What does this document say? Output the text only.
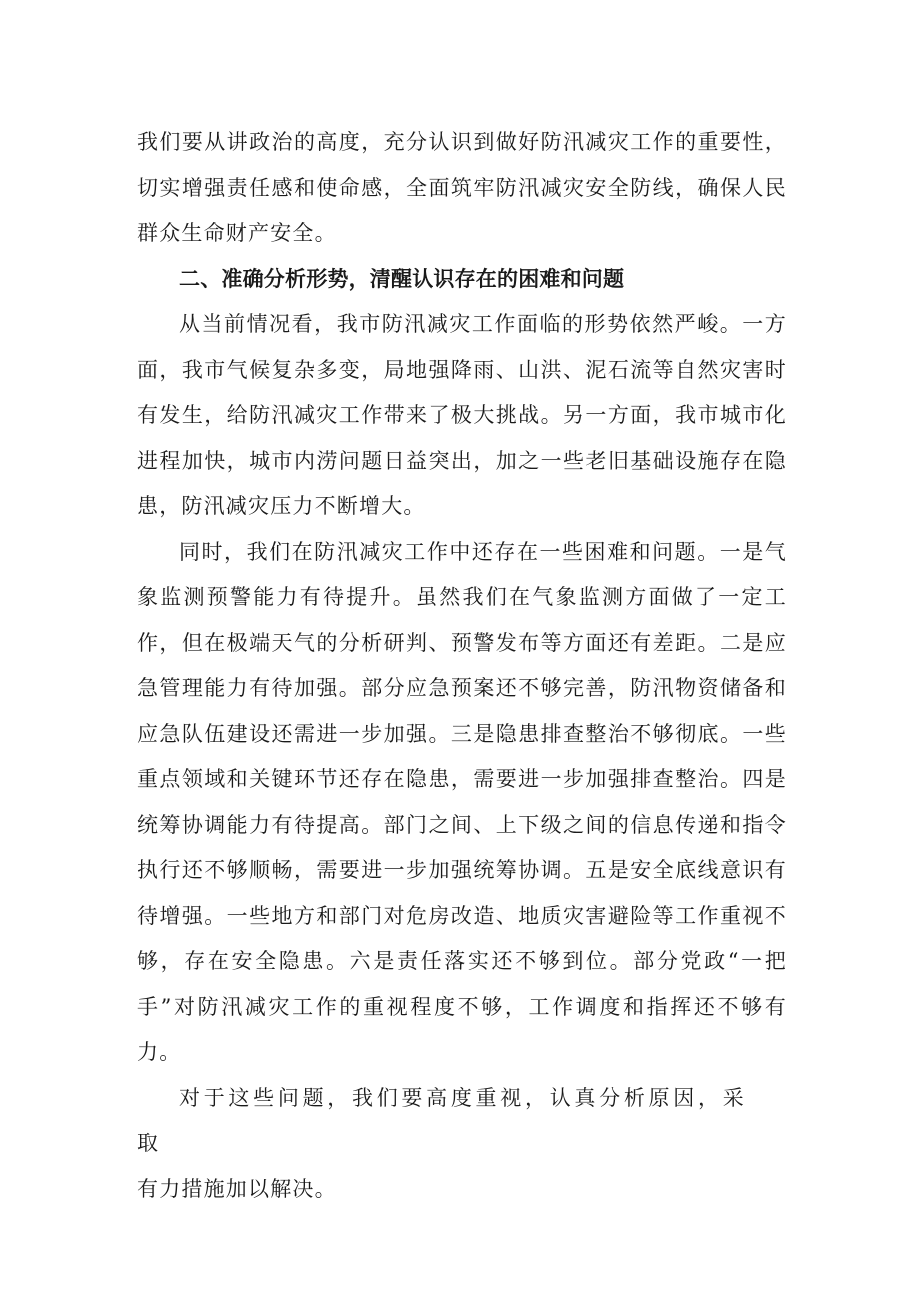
我们要从讲政治的高度，充分认识到做好防汛减灾工作的重要性，切实增强责任感和使命感，全面筑牢防汛减灾安全防线，确保人民群众生命财产安全。

二、准确分析形势，清醒认识存在的困难和问题

从当前情况看，我市防汛减灾工作面临的形势依然严峻。一方面，我市气候复杂多变，局地强降雨、山洪、泥石流等自然灾害时有发生，给防汛减灾工作带来了极大挑战。另一方面，我市城市化进程加快，城市内涝问题日益突出，加之一些老旧基础设施存在隐患，防汛减灾压力不断增大。

同时，我们在防汛减灾工作中还存在一些困难和问题。一是气象监测预警能力有待提升。虽然我们在气象监测方面做了一定工作，但在极端天气的分析研判、预警发布等方面还有差距。二是应急管理能力有待加强。部分应急预案还不够完善，防汛物资储备和应急队伍建设还需进一步加强。三是隐患排查整治不够彻底。一些重点领域和关键环节还存在隐患，需要进一步加强排查整治。四是统筹协调能力有待提高。部门之间、上下级之间的信息传递和指令执行还不够顺畅，需要进一步加强统筹协调。五是安全底线意识有待增强。一些地方和部门对危房改造、地质灾害避险等工作重视不够，存在安全隐患。六是责任落实还不够到位。部分党政“一把手”对防汛减灾工作的重视程度不够，工作调度和指挥还不够有力。

对于这些问题，我们要高度重视，认真分析原因，采取
有力措施加以解决。
